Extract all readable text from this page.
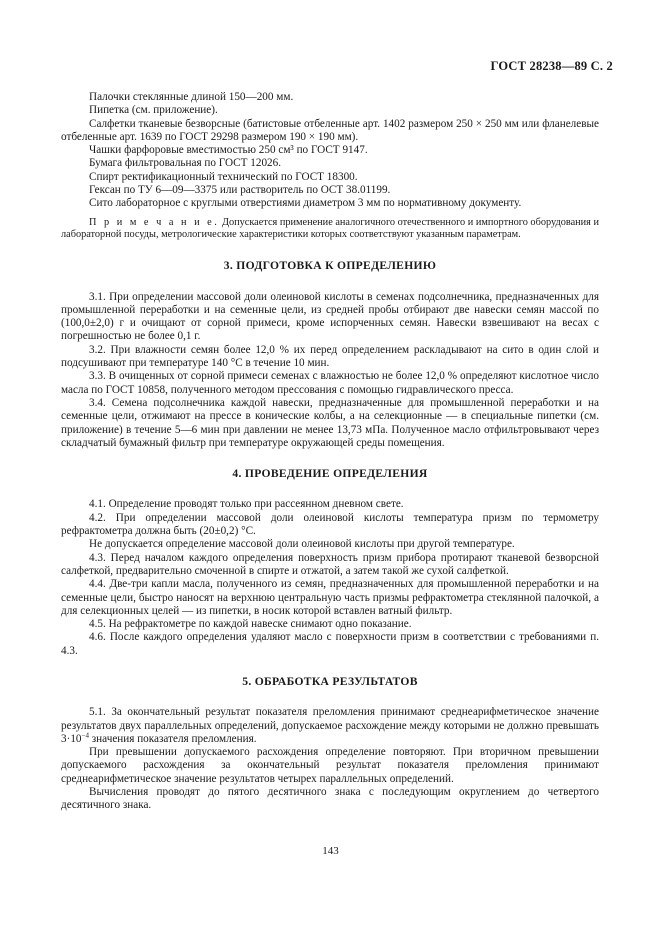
ГОСТ 28238—89 С. 2

Палочки стеклянные длиной 150—200 мм.

Пипетка (см. приложение).

Салфетки тканевые безворсные (батистовые отбеленные арт. 1402 размером 250 × 250 мм или фланелевые отбеленные арт. 1639 по ГОСТ 29298 размером 190 × 190 мм).

Чашки фарфоровые вместимостью 250 см³ по ГОСТ 9147.

Бумага фильтровальная по ГОСТ 12026.

Спирт ректификационный технический по ГОСТ 18300.

Гексан по ТУ 6—09—3375 или растворитель по ОСТ 38.01199.

Сито лабораторное с круглыми отверстиями диаметром 3 мм по нормативному документу.

П р и м е ч а н и е. Допускается применение аналогичного отечественного и импортного оборудования и лабораторной посуды, метрологические характеристики которых соответствуют указанным параметрам.

3. ПОДГОТОВКА К ОПРЕДЕЛЕНИЮ

3.1. При определении массовой доли олеиновой кислоты в семенах подсолнечника, предназначенных для промышленной переработки и на семенные цели, из средней пробы отбирают две навески семян массой по (100,0±2,0) г и очищают от сорной примеси, кроме испорченных семян. Навески взвешивают на весах с погрешностью не более 0,1 г.

3.2. При влажности семян более 12,0 % их перед определением раскладывают на сито в один слой и подсушивают при температуре 140 °С в течение 10 мин.

3.3. В очищенных от сорной примеси семенах с влажностью не более 12,0 % определяют кислотное число масла по ГОСТ 10858, полученного методом прессования с помощью гидравлического пресса.

3.4. Семена подсолнечника каждой навески, предназначенные для промышленной переработки и на семенные цели, отжимают на прессе в конические колбы, а на селекционные — в специальные пипетки (см. приложение) в течение 5—6 мин при давлении не менее 13,73 мПа. Полученное масло отфильтровывают через складчатый бумажный фильтр при температуре окружающей среды помещения.

4. ПРОВЕДЕНИЕ ОПРЕДЕЛЕНИЯ

4.1. Определение проводят только при рассеянном дневном свете.

4.2. При определении массовой доли олеиновой кислоты температура призм по термометру рефрактометра должна быть (20±0,2) °С.

Не допускается определение массовой доли олеиновой кислоты при другой температуре.

4.3. Перед началом каждого определения поверхность призм прибора протирают тканевой безворсной салфеткой, предварительно смоченной в спирте и отжатой, а затем такой же сухой салфеткой.

4.4. Две-три капли масла, полученного из семян, предназначенных для промышленной переработки и на семенные цели, быстро наносят на верхнюю центральную часть призмы рефрактометра стеклянной палочкой, а для селекционных целей — из пипетки, в носик которой вставлен ватный фильтр.

4.5. На рефрактометре по каждой навеске снимают одно показание.

4.6. После каждого определения удаляют масло с поверхности призм в соответствии с требованиями п. 4.3.

5. ОБРАБОТКА РЕЗУЛЬТАТОВ

5.1. За окончательный результат показателя преломления принимают среднеарифметическое значение результатов двух параллельных определений, допускаемое расхождение между которыми не должно превышать $3\cdot 10^{-4}$ значения показателя преломления.

При превышении допускаемого расхождения определение повторяют. При вторичном превышении допускаемого расхождения за окончательный результат показателя преломления принимают среднеарифметическое значение результатов четырех параллельных определений.

Вычисления проводят до пятого десятичного знака с последующим округлением до четвертого десятичного знака.

143
